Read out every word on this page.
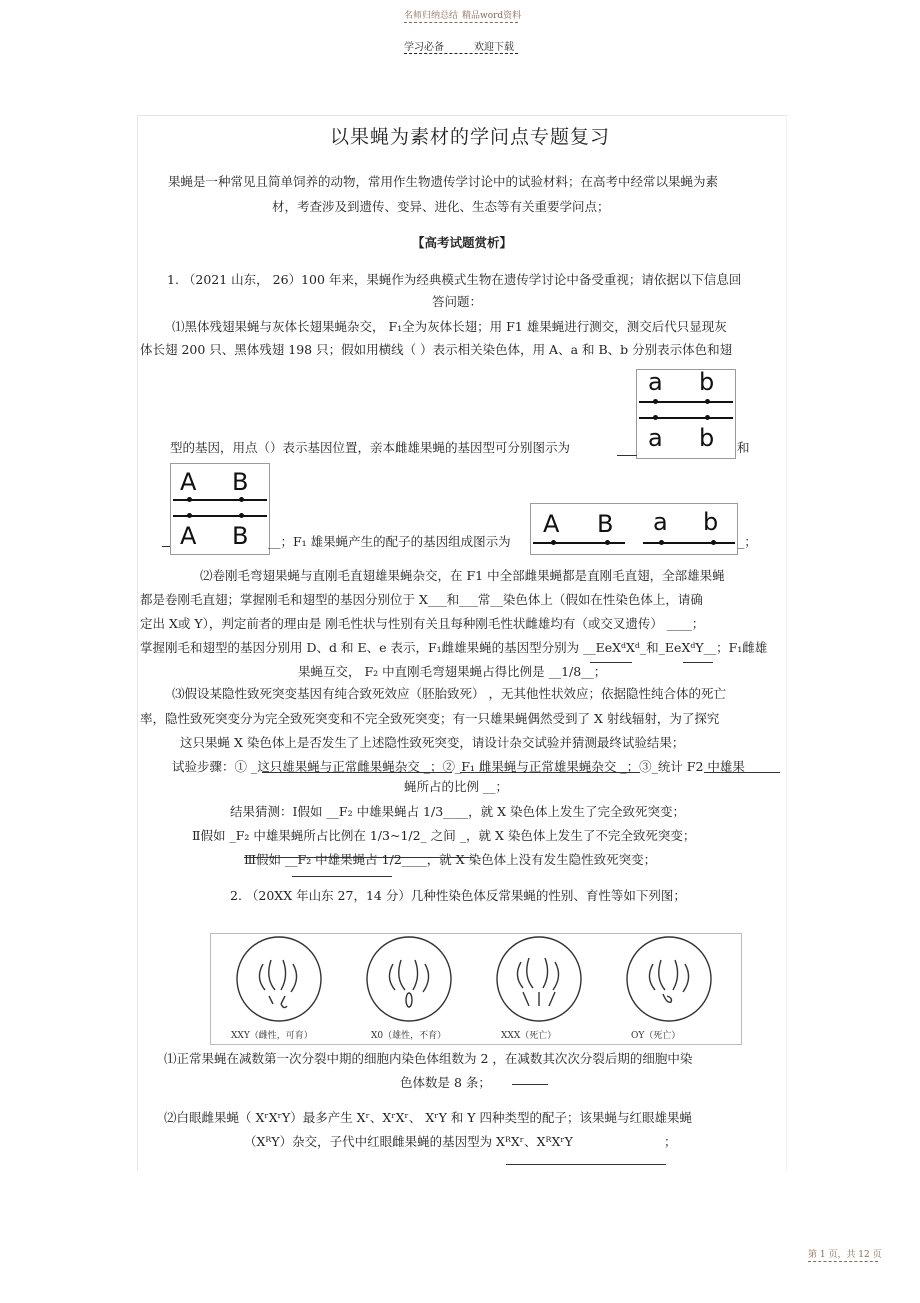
名师归纳总结 精品word资料
学习必备	欢迎下载
以果蝇为素材的学问点专题复习
果蝇是一种常见且简单饲养的动物，常用作生物遗传学讨论中的试验材料；在高考中经常以果蝇为素
材，考查涉及到遗传、变异、进化、生态等有关重要学问点；
【高考试题赏析】
1. （2021 山东， 26）100 年来，果蝇作为经典模式生物在遗传学讨论中备受重视；请依据以下信息回
答问题：
⑴黑体残翅果蝇与灰体长翅果蝇杂交， F₁全为灰体长翅；用 F1 雄果蝇进行测交，测交后代只显现灰
体长翅 200 只、黑体残翅 198 只；假如用横线（ ）表示相关染色体，用 A、a 和 B、b 分别表示体色和翅
a b
a b
型的基因，用点（）表示基因位置，亲本雌雄果蝇的基因型可分别图示为	和
A B
A B __；F₁ 雄果蝇产生的配子的基因组成图示为
A B a b
_；
⑵卷刚毛弯翅果蝇与直刚毛直翅雄果蝇杂交，在 F1 中全部雌果蝇都是直刚毛直翅，全部雄果蝇
都是卷刚毛直翅；掌握刚毛和翅型的基因分别位于 X___和___常__染色体上（假如在性染色体上，请确
定出 X或 Y），判定前者的理由是 刚毛性状与性别有关且每种刚毛性状雌雄均有（或交叉遗传） ____；
掌握刚毛和翅型的基因分别用 D、d 和 E、e 表示，F₁雌雄果蝇的基因型分别为 __EeXᵈXᵈ_和_EeXᵈY__；F₁雌雄
果蝇互交， F₂ 中直刚毛弯翅果蝇占得比例是 __1/8__；
⑶假设某隐性致死突变基因有纯合致死效应（胚胎致死） ，无其他性状效应；依据隐性纯合体的死亡
率，隐性致死突变分为完全致死突变和不完全致死突变；有一只雄果蝇偶然受到了 X 射线辐射，为了探究
这只果蝇 X 染色体上是否发生了上述隐性致死突变，请设计杂交试验并猜测最终试验结果；
试验步骤：① _这只雄果蝇与正常雌果蝇杂交 _；②_F₁ 雌果蝇与正常雄果蝇杂交 _；③_统计 F2 中雄果
蝇所占的比例 __；
结果猜测：Ⅰ假如 __F₂ 中雄果蝇占 1/3____，就 X 染色体上发生了完全致死突变；
Ⅱ假如 _F₂ 中雄果蝇所占比例在 1/3~1/2_ 之间 _，就 X 染色体上发生了不完全致死突变；
Ⅲ假如 __F₂ 中雄果蝇占 1/2____，就 X 染色体上没有发生隐性致死突变；
2. （20XX 年山东 27，14 分）几种性染色体反常果蝇的性别、育性等如下列图；
XXY（雌性，可育）	X0（雄性，不育）	XXX（死亡）	OY（死亡）
⑴正常果蝇在减数第一次分裂中期的细胞内染色体组数为 2 ，在减数其次次分裂后期的细胞中染
色体数是 8 条；
⑵白眼雌果蝇（ XʳXʳY）最多产生 Xʳ、XʳXʳ、 XʳY 和 Y 四种类型的配子；该果蝇与红眼雄果蝇
（XᴿY）杂交，子代中红眼雌果蝇的基因型为 XᴿXʳ、XᴿXʳY	；
第 1 页，共 12 页
